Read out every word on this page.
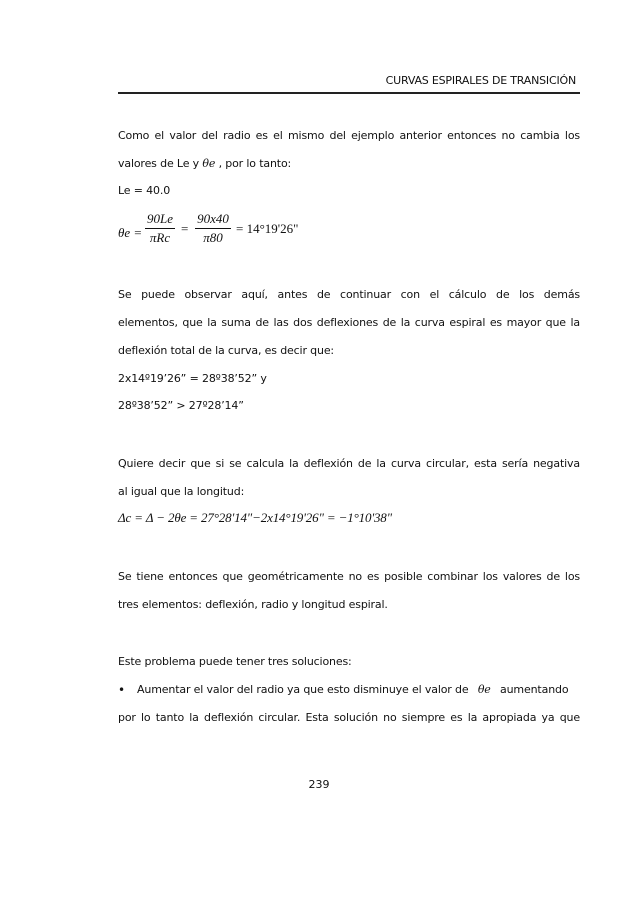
CURVAS ESPIRALES DE TRANSICIÓN
Como el valor del radio es el mismo del ejemplo anterior entonces no cambia los
valores de Le y θe , por lo tanto:
Le = 40.0
θe =
90Le
πRc
=
90x40
π80
= 14°19'26"
Se puede observar aquí, antes de continuar con el cálculo de los demás
elementos, que la suma de las dos deflexiones de la curva espiral es mayor que la
deflexión total de la curva, es decir que:
2x14º19’26” = 28º38’52” y
28º38’52” > 27º28’14”
Quiere decir que si se calcula la deflexión de la curva circular, esta sería negativa
al igual que la longitud:
Δc = Δ − 2θe = 27°28'14"−2x14°19'26" = −1°10'38"
Se tiene entonces que geométricamente no es posible combinar los valores de los
tres elementos: deflexión, radio y longitud espiral.
Este problema puede tener tres soluciones:
• Aumentar el valor del radio ya que esto disminuye el valor de θe aumentando
por lo tanto la deflexión circular. Esta solución no siempre es la apropiada ya que
239
